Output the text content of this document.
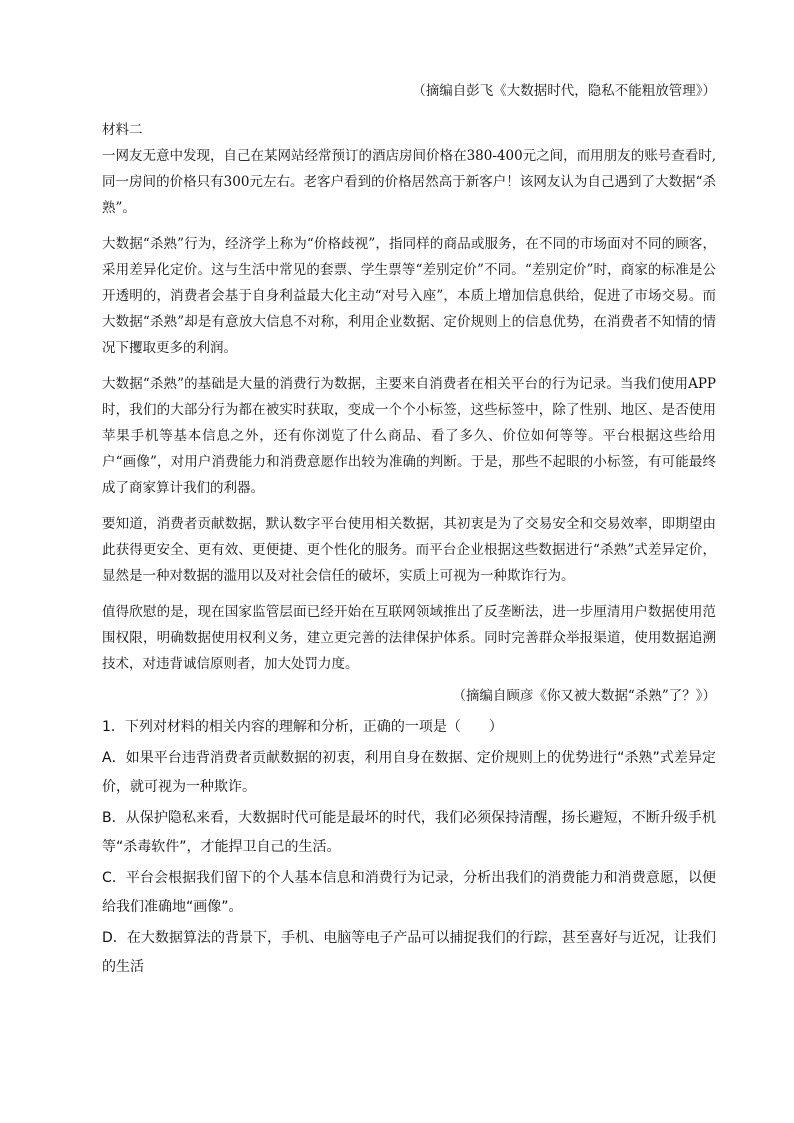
（摘编自彭飞《大数据时代，隐私不能粗放管理》）
材料二
一网友无意中发现，自己在某网站经常预订的酒店房间价格在380-400元之间，而用朋友的账号查看时,同一房间的价格只有300元左右。老客户看到的价格居然高于新客户！该网友认为自己遇到了大数据“杀熟”。
大数据“杀熟”行为，经济学上称为“价格歧视”，指同样的商品或服务，在不同的市场面对不同的顾客，采用差异化定价。这与生活中常见的套票、学生票等“差别定价”不同。“差别定价”时，商家的标准是公开透明的，消费者会基于自身利益最大化主动“对号入座”，本质上增加信息供给，促进了市场交易。而大数据“杀熟”却是有意放大信息不对称，利用企业数据、定价规则上的信息优势，在消费者不知情的情况下攫取更多的利润。
大数据“杀熟”的基础是大量的消费行为数据，主要来自消费者在相关平台的行为记录。当我们使用APP时，我们的大部分行为都在被实时获取，变成一个个小标签，这些标签中，除了性别、地区、是否使用苹果手机等基本信息之外，还有你浏览了什么商品、看了多久、价位如何等等。平台根据这些给用户“画像”，对用户消费能力和消费意愿作出较为准确的判断。于是，那些不起眼的小标签，有可能最终成了商家算计我们的利器。
要知道，消费者贡献数据，默认数字平台使用相关数据，其初衷是为了交易安全和交易效率，即期望由此获得更安全、更有效、更便捷、更个性化的服务。而平台企业根据这些数据进行“杀熟”式差异定价，显然是一种对数据的滥用以及对社会信任的破坏，实质上可视为一种欺诈行为。
值得欣慰的是，现在国家监管层面已经开始在互联网领域推出了反垄断法，进一步厘清用户数据使用范围权限，明确数据使用权利义务，建立更完善的法律保护体系。同时完善群众举报渠道，使用数据追溯技术，对违背诚信原则者，加大处罚力度。
（摘编自顾彦《你又被大数据“杀熟”了？》）
1．下列对材料的相关内容的理解和分析，正确的一项是（　　）
A．如果平台违背消费者贡献数据的初衷，利用自身在数据、定价规则上的优势进行“杀熟”式差异定价，就可视为一种欺诈。
B．从保护隐私来看，大数据时代可能是最坏的时代，我们必须保持清醒，扬长避短，不断升级手机等“杀毒软件”，才能捍卫自己的生活。
C．平台会根据我们留下的个人基本信息和消费行为记录，分析出我们的消费能力和消费意愿，以便给我们准确地“画像”。
D．在大数据算法的背景下，手机、电脑等电子产品可以捕捉我们的行踪，甚至喜好与近况，让我们的生活
